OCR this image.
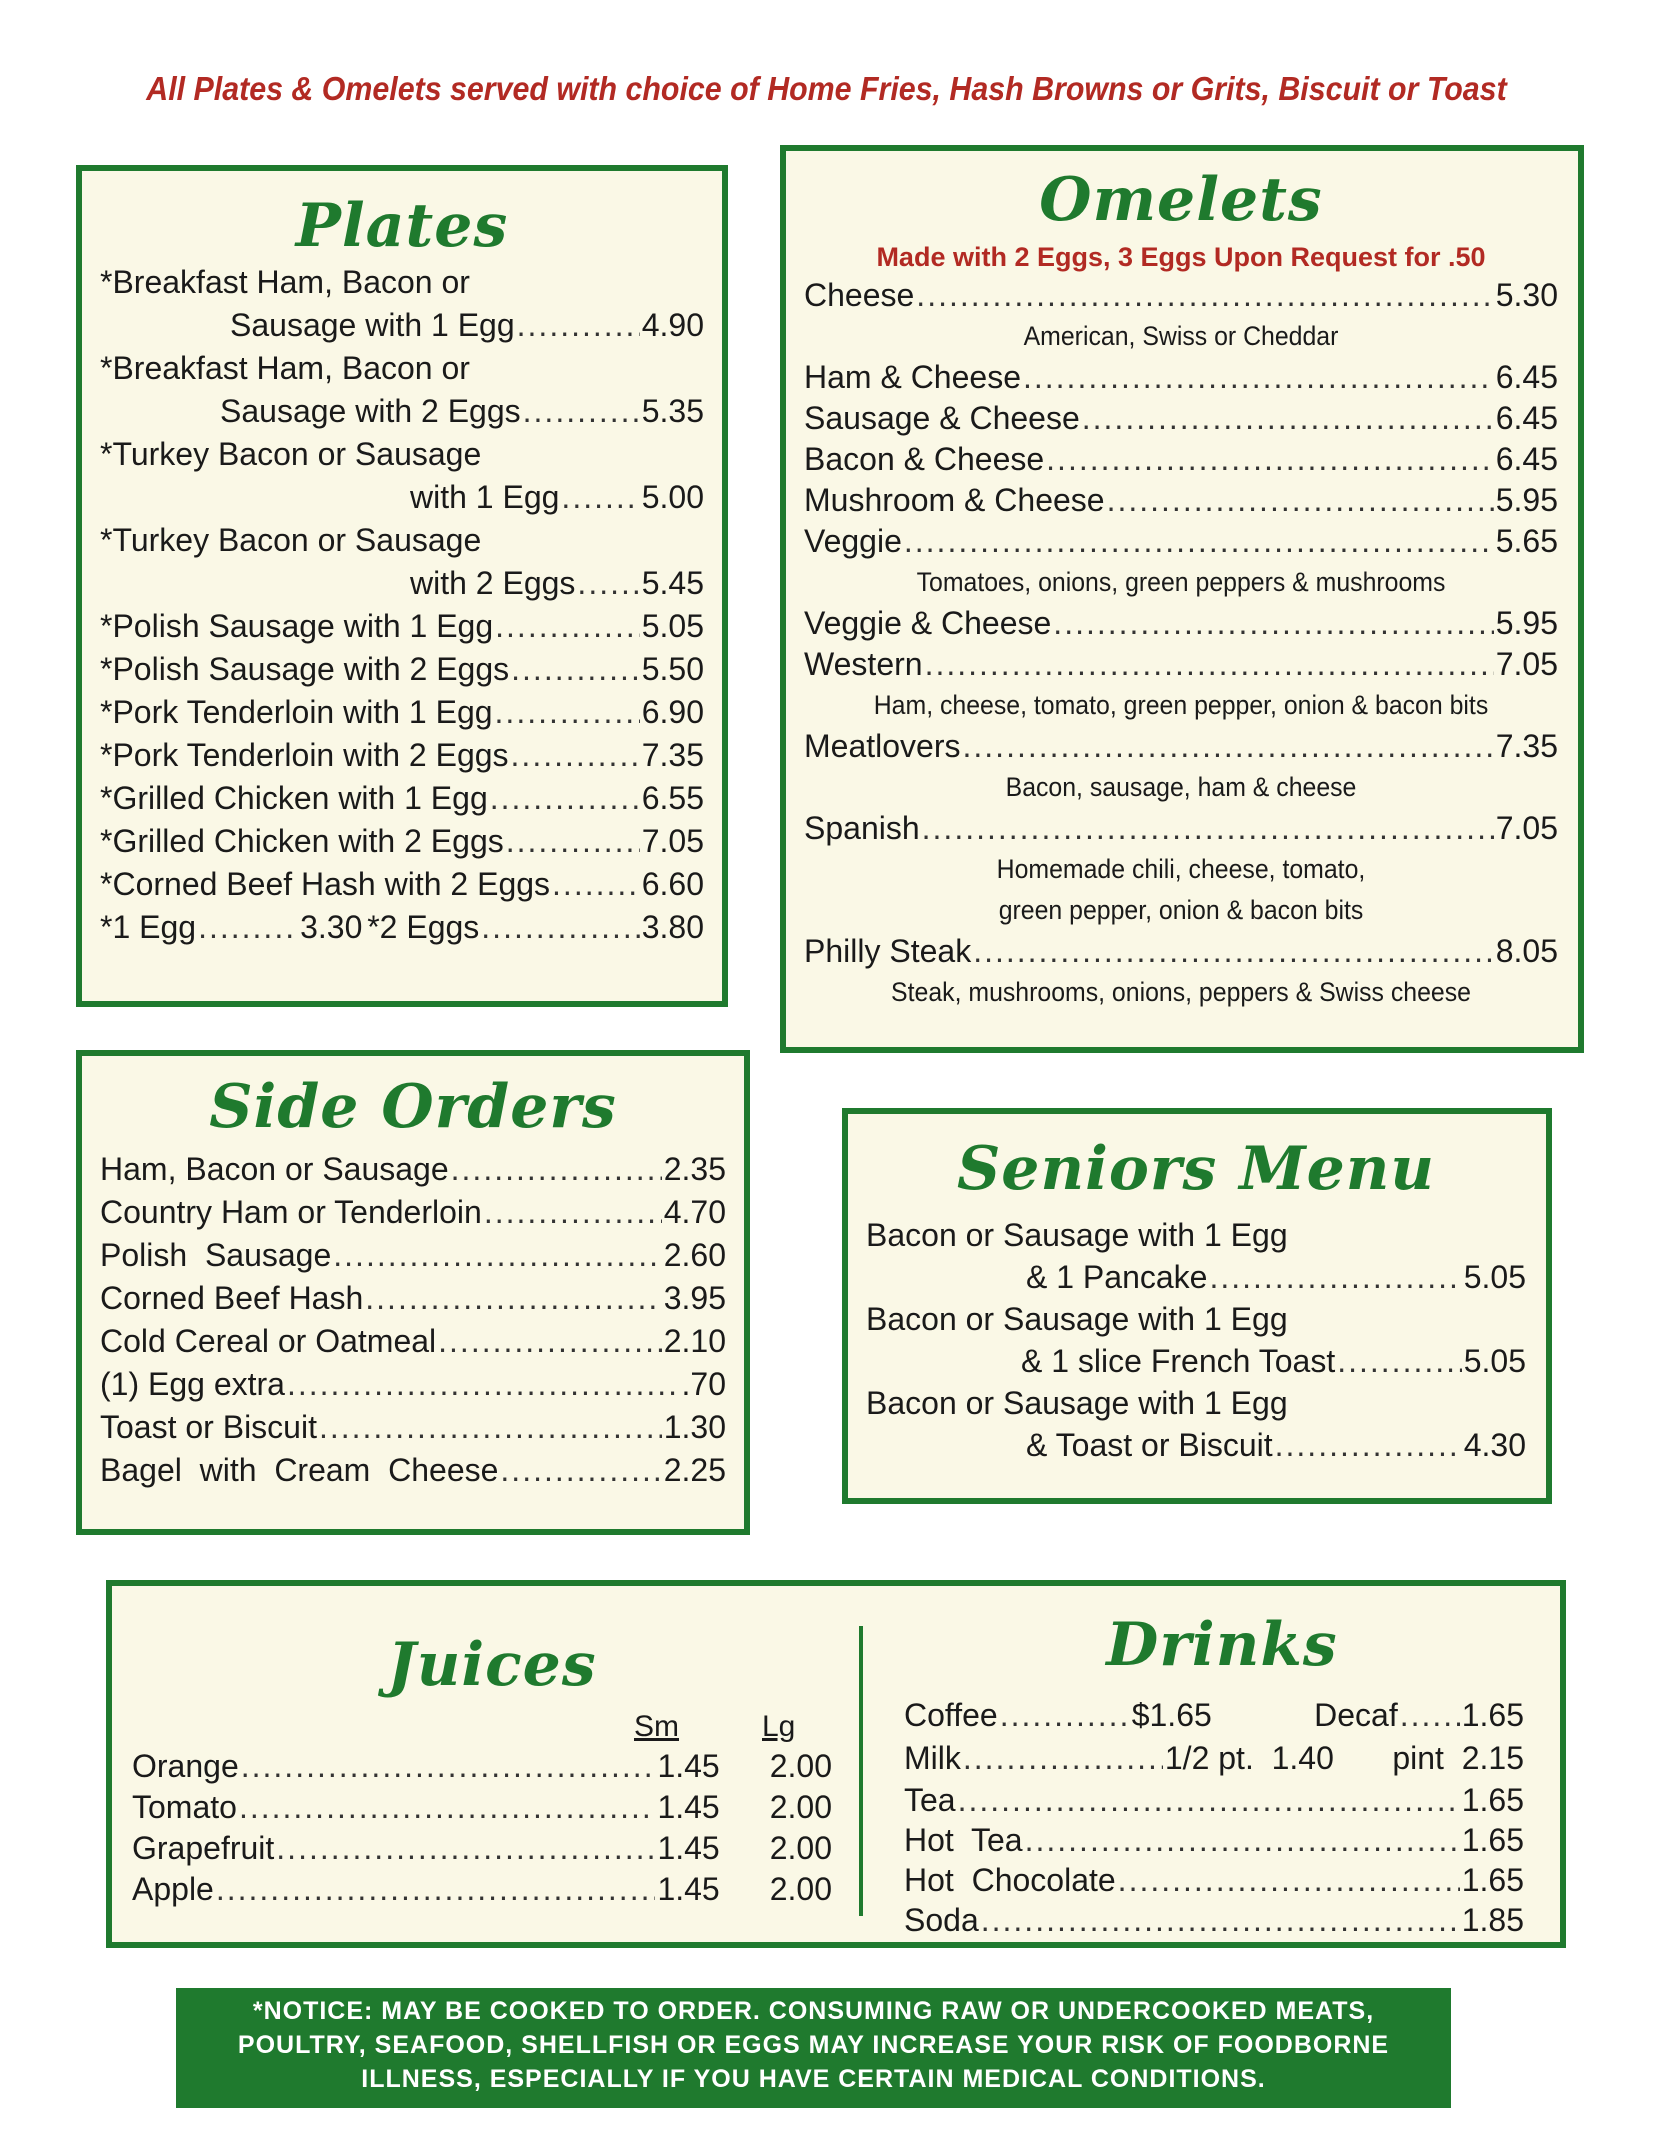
All Plates & Omelets served with choice of Home Fries, Hash Browns or Grits, Biscuit or Toast
Plates
*Breakfast Ham, Bacon or
Sausage with 1 Egg .....	4.90
*Breakfast Ham, Bacon or
Sausage with 2 Eggs .....	5.35
*Turkey Bacon or Sausage
with 1 Egg .....	5.00
*Turkey Bacon or Sausage
with 2 Eggs ..... 5.45
*Polish Sausage with 1 Egg .....	5.05
*Polish Sausage with 2 Eggs .....	5.50
*Pork Tenderloin with 1 Egg .....	6.90
*Pork Tenderloin with 2 Eggs .....	7.35
*Grilled Chicken with 1 Egg .....	6.55
*Grilled Chicken with 2 Eggs .....	7.05
*Corned Beef Hash with 2 Eggs .....	6.60
*1 Egg .....	3.30 *2 Eggs .....	3.80
Omelets
Made with 2 Eggs, 3 Eggs Upon Request for .50
Cheese .....	5.30
American, Swiss or Cheddar
Ham & Cheese .....	6.45
Sausage & Cheese .....	6.45
Bacon & Cheese .....	6.45
Mushroom & Cheese .....	5.95
Veggie .....	5.65
Tomatoes, onions, green peppers & mushrooms
Veggie & Cheese .....	5.95
Western .....	7.05
Ham, cheese, tomato, green pepper, onion & bacon bits
Meatlovers .....	7.35
Bacon, sausage, ham & cheese
Spanish .....	7.05
Homemade chili, cheese, tomato,
green pepper, onion & bacon bits
Philly Steak .....	8.05
Steak, mushrooms, onions, peppers & Swiss cheese
Side Orders
Ham, Bacon or Sausage .....	2.35
Country Ham or Tenderloin .....	4.70
Polish  Sausage .....	2.60
Corned Beef Hash .....	3.95
Cold Cereal or Oatmeal .....	2.10
(1) Egg extra .....	.70
Toast or Biscuit .....	1.30
Bagel  with  Cream  Cheese .....	2.25
Seniors Menu
Bacon or Sausage with 1 Egg
& 1 Pancake .....	5.05
Bacon or Sausage with 1 Egg
& 1 slice French Toast .....	5.05
Bacon or Sausage with 1 Egg
& Toast or Biscuit .....	4.30
Juices
Sm	Lg
Orange .....	1.45 2.00
Tomato .....	1.45 2.00
Grapefruit .....	1.45 2.00
Apple .....	1.45 2.00
Drinks
Coffee .....	$1.65	Decaf ..... 1.65
Milk .....	1/2 pt.  1.40 pint  2.15
Tea .....	1.65
Hot  Tea .....	1.65
Hot  Chocolate .....	1.65
Soda .....	1.85
*NOTICE: MAY BE COOKED TO ORDER. CONSUMING RAW OR UNDERCOOKED MEATS,
POULTRY, SEAFOOD, SHELLFISH OR EGGS MAY INCREASE YOUR RISK OF FOODBORNE
ILLNESS, ESPECIALLY IF YOU HAVE CERTAIN MEDICAL CONDITIONS.
